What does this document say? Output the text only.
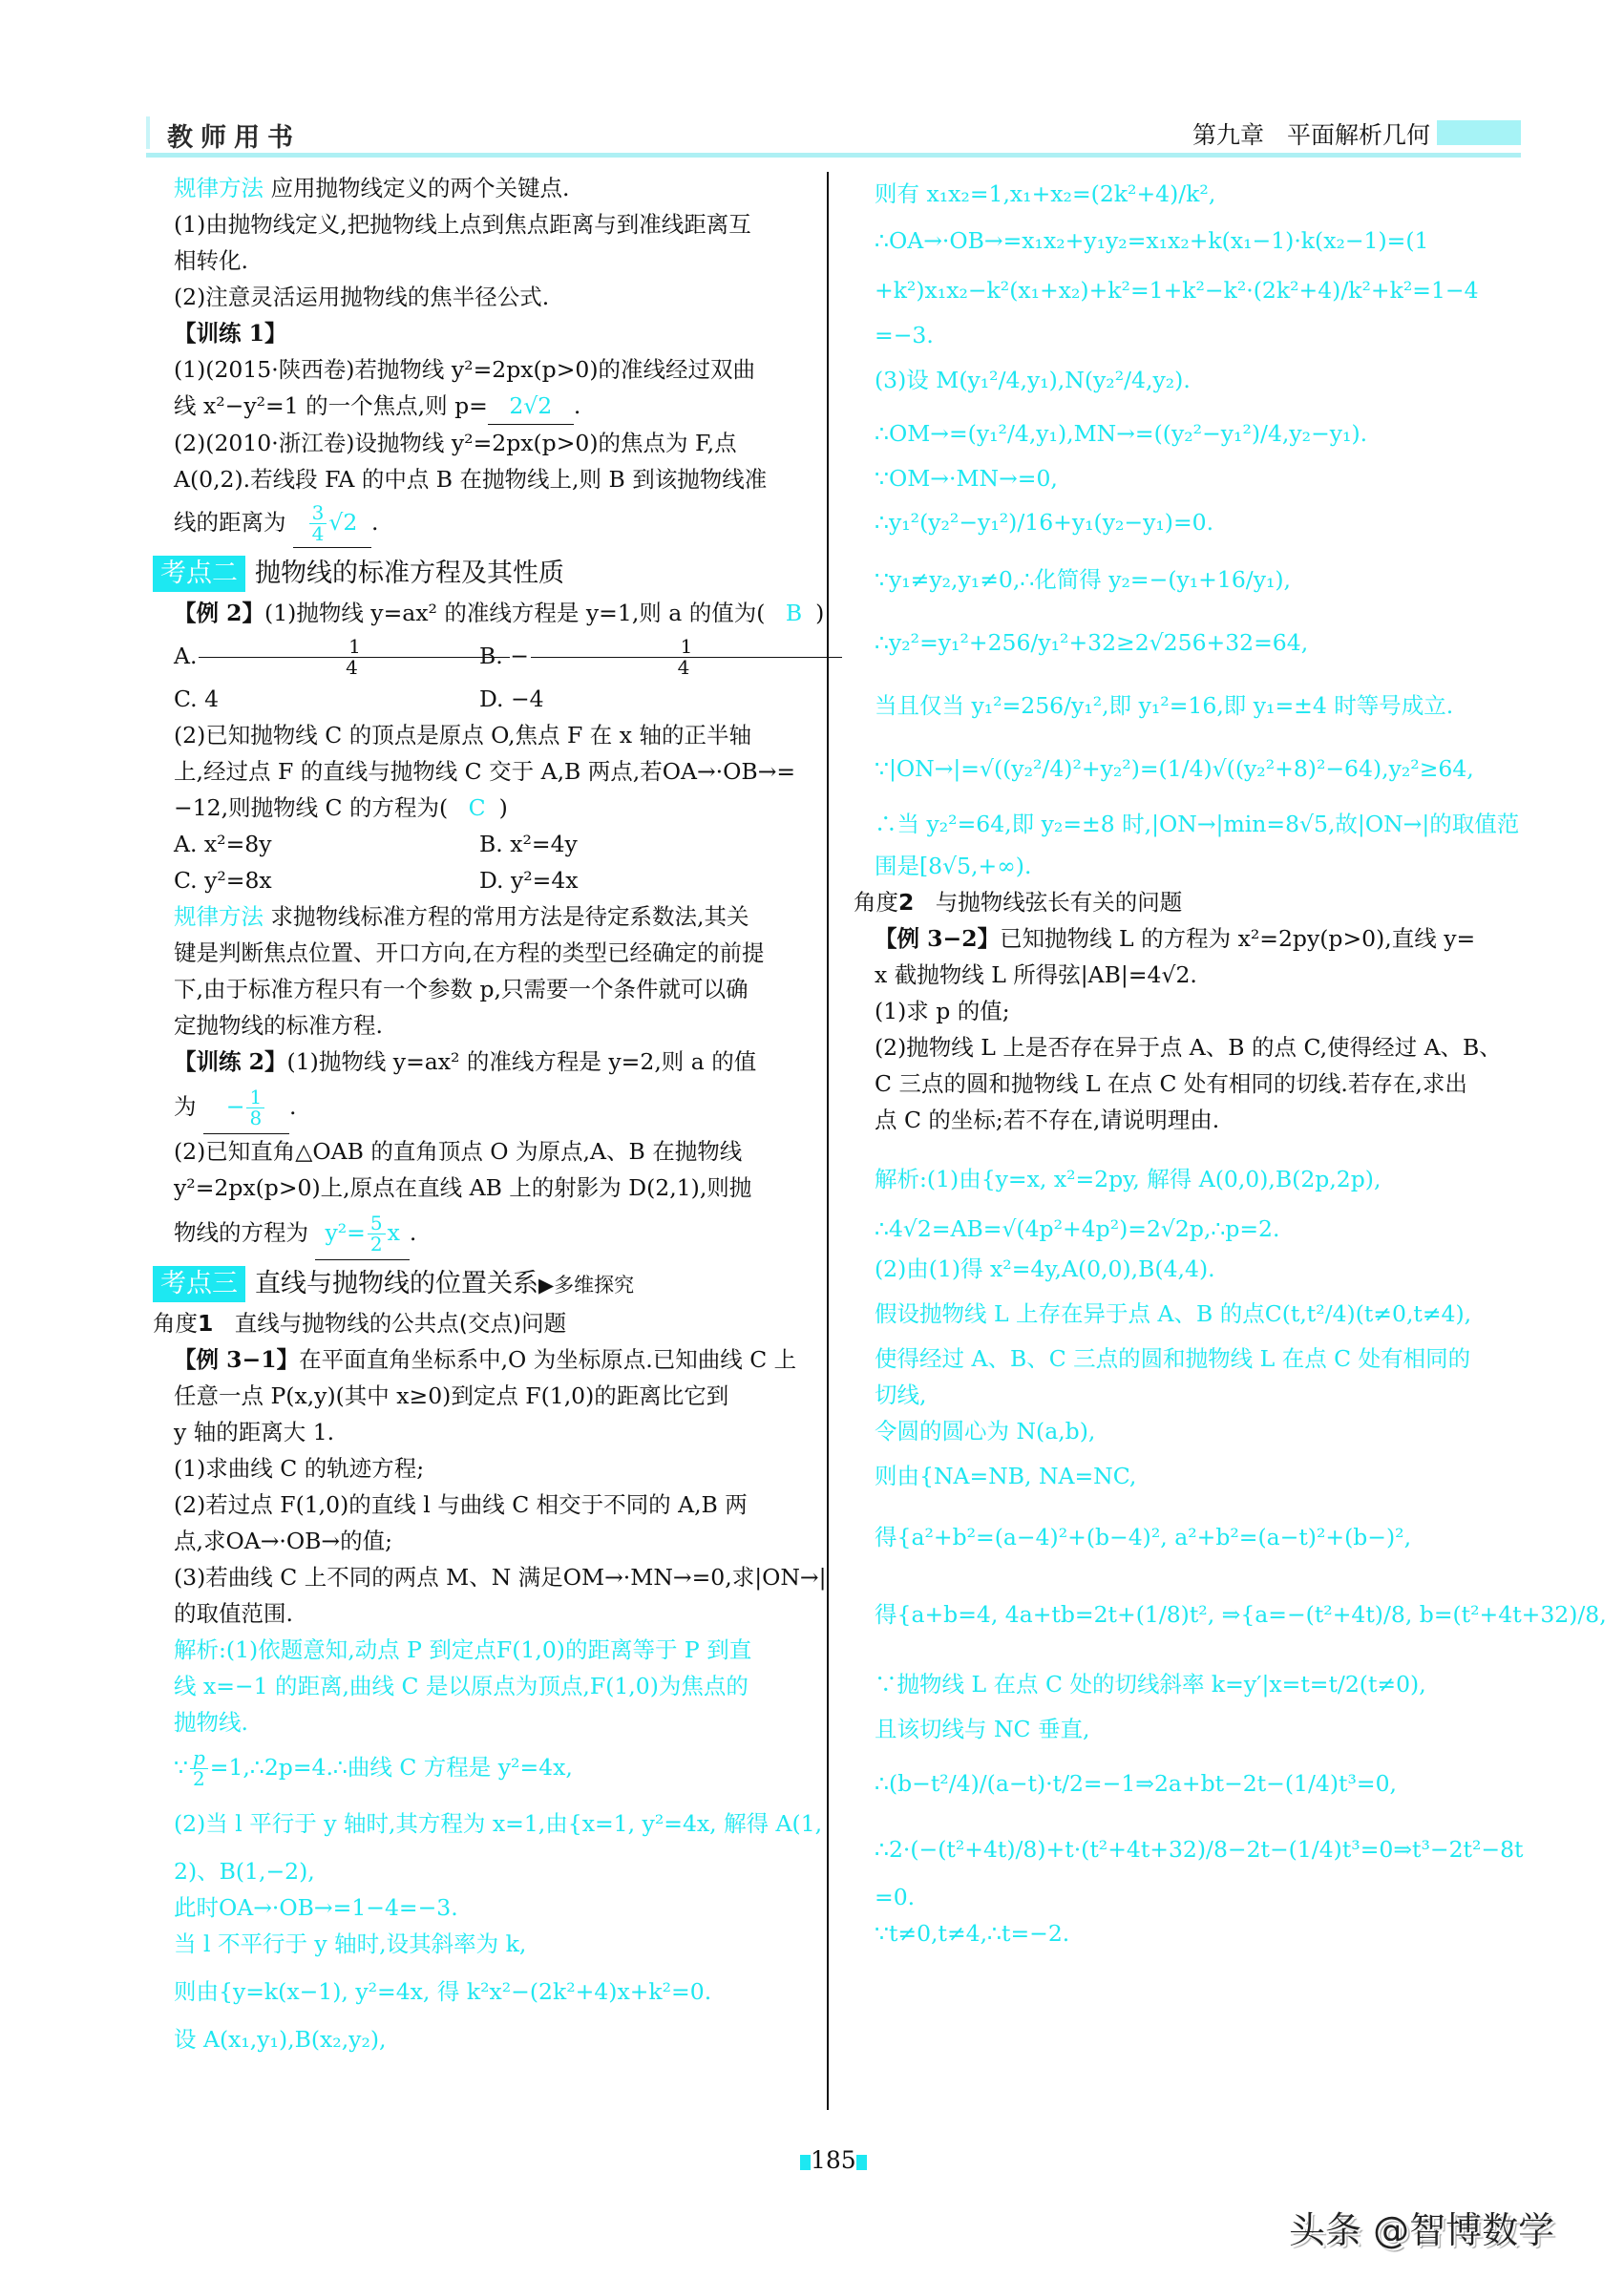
教师用书	第九章 平面解析几何
规律方法 应用抛物线定义的两个关键点.
(1)由抛物线定义,把抛物线上点到焦点距离与到准线距离互
相转化.
(2)注意灵活运用抛物线的焦半径公式.
【训练 1】
(1)(2015·陕西卷)若抛物线 y²=2px(p>0)的准线经过双曲
线 x²−y²=1 的一个焦点,则 p= 2√2 .
(2)(2010·浙江卷)设抛物线 y²=2px(p>0)的焦点为 F,点
A(0,2).若线段 FA 的中点 B 在抛物线上,则 B 到该抛物线准
线的距离为 $\frac{3}{4} √2$ .
考点二 抛物线的标准方程及其性质
【例 2】(1)抛物线 y=ax² 的准线方程是 y=1,则 a 的值为( B )
A. $\frac{1}{4}$
B. − $\frac{1}{4}$
C. 4	D. −4
(2)已知抛物线 C 的顶点是原点 O,焦点 F 在 x 轴的正半轴
上,经过点 F 的直线与抛物线 C 交于 A,B 两点,若OA→·OB→=
−12,则抛物线 C 的方程为( C )
A. x²=8y	B. x²=4y
C. y²=8x	D. y²=4x
规律方法 求抛物线标准方程的常用方法是待定系数法,其关
键是判断焦点位置、开口方向,在方程的类型已经确定的前提
下,由于标准方程只有一个参数 p,只需要一个条件就可以确
定抛物线的标准方程.
【训练 2】(1)抛物线 y=ax² 的准线方程是 y=2,则 a 的值
为 − $\frac{1}{8}$ .
(2)已知直角△OAB 的直角顶点 O 为原点,A、B 在抛物线
y²=2px(p>0)上,原点在直线 AB 上的射影为 D(2,1),则抛
物线的方程为 $y^2= \frac{5}{2}$ x .
考点三 直线与抛物线的位置关系▶多维探究
角度1 直线与抛物线的公共点(交点)问题
【例 3−1】在平面直角坐标系中,O 为坐标原点.已知曲线 C 上
任意一点 P(x,y)(其中 x≥0)到定点 F(1,0)的距离比它到
y 轴的距离大 1.
(1)求曲线 C 的轨迹方程;
(2)若过点 F(1,0)的直线 l 与曲线 C 相交于不同的 A,B 两
点,求OA→·OB→的值;
(3)若曲线 C 上不同的两点 M、N 满足OM→·MN→=0,求|ON→|
的取值范围.
解析:(1)依题意知,动点 P 到定点F(1,0)的距离等于 P 到直
线 x=−1 的距离,曲线 C 是以原点为顶点,F(1,0)为焦点的
抛物线.
∵ $\frac{p}{2}$ =1,∴2p=4.∴曲线 C 方程是 y²=4x,
(2)当 l 平行于 y 轴时,其方程为 x=1,由{x=1, y²=4x, 解得 A(1,
2)、B(1,−2),
此时OA→·OB→=1−4=−3.
当 l 不平行于 y 轴时,设其斜率为 k,
则由{y=k(x−1), y²=4x, 得 k²x²−(2k²+4)x+k²=0.
设 A(x₁,y₁),B(x₂,y₂),
则有 x₁x₂=1,x₁+x₂=(2k²+4)/k²,
∴OA→·OB→=x₁x₂+y₁y₂=x₁x₂+k(x₁−1)·k(x₂−1)=(1
+k²)x₁x₂−k²(x₁+x₂)+k²=1+k²−k²·(2k²+4)/k²+k²=1−4
=−3.
(3)设 M(y₁²/4,y₁),N(y₂²/4,y₂).
∴OM→=(y₁²/4,y₁),MN→=((y₂²−y₁²)/4,y₂−y₁).
∵OM→·MN→=0,
∴y₁²(y₂²−y₁²)/16+y₁(y₂−y₁)=0.
∵y₁≠y₂,y₁≠0,∴化简得 y₂=−(y₁+16/y₁),
∴y₂²=y₁²+256/y₁²+32≥2√256+32=64,
当且仅当 y₁²=256/y₁²,即 y₁²=16,即 y₁=±4 时等号成立.
∵|ON→|=√((y₂²/4)²+y₂²)=(1/4)√((y₂²+8)²−64),y₂²≥64,
∴当 y₂²=64,即 y₂=±8 时,|ON→|min=8√5,故|ON→|的取值范
围是[8√5,+∞).
角度2 与抛物线弦长有关的问题
【例 3−2】已知抛物线 L 的方程为 x²=2py(p>0),直线 y=
x 截抛物线 L 所得弦|AB|=4√2.
(1)求 p 的值;
(2)抛物线 L 上是否存在异于点 A、B 的点 C,使得经过 A、B、
C 三点的圆和抛物线 L 在点 C 处有相同的切线.若存在,求出
点 C 的坐标;若不存在,请说明理由.
解析:(1)由{y=x, x²=2py, 解得 A(0,0),B(2p,2p),
∴4√2=AB=√(4p²+4p²)=2√2p,∴p=2.
(2)由(1)得 x²=4y,A(0,0),B(4,4).
假设抛物线 L 上存在异于点 A、B 的点C(t,t²/4)(t≠0,t≠4),
使得经过 A、B、C 三点的圆和抛物线 L 在点 C 处有相同的
切线,
令圆的圆心为 N(a,b),
则由{NA=NB, NA=NC,
得{a²+b²=(a−4)²+(b−4)², a²+b²=(a−t)²+(b−)²,
得{a+b=4, 4a+tb=2t+(1/8)t², ⇒{a=−(t²+4t)/8, b=(t²+4t+32)/8,
∵抛物线 L 在点 C 处的切线斜率 k=y′|x=t=t/2(t≠0),
且该切线与 NC 垂直,
∴(b−t²/4)/(a−t)·t/2=−1⇒2a+bt−2t−(1/4)t³=0,
∴2·(−(t²+4t)/8)+t·(t²+4t+32)/8−2t−(1/4)t³=0⇒t³−2t²−8t
=0.
∵t≠0,t≠4,∴t=−2.
185
头条 @智博数学
